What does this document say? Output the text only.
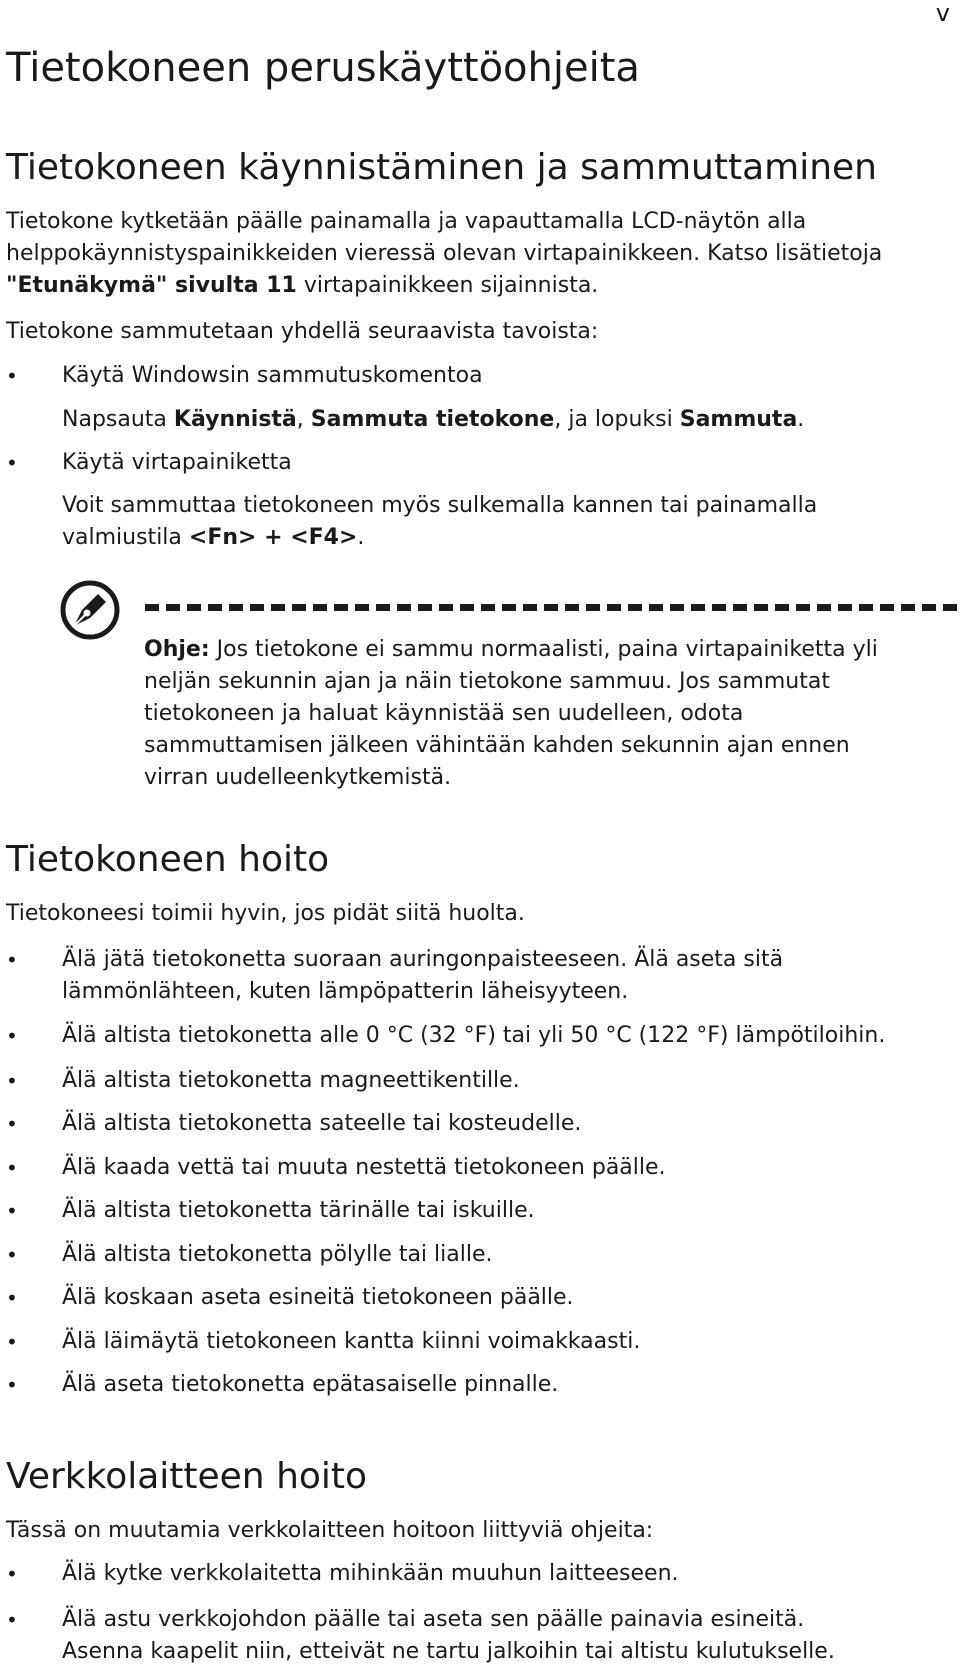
v
Tietokoneen peruskäyttöohjeita
Tietokoneen käynnistäminen ja sammuttaminen

Tietokone kytketään päälle painamalla ja vapauttamalla LCD-näytön alla
helppokäynnistyspainikkeiden vieressä olevan virtapainikkeen. Katso lisätietoja
"Etunäkymä" sivulta 11 virtapainikkeen sijainnista.

Tietokone sammutetaan yhdellä seuraavista tavoista:

• Käytä Windowsin sammutuskomentoa

Napsauta Käynnistä, Sammuta tietokone, ja lopuksi Sammuta.

• Käytä virtapainiketta

Voit sammuttaa tietokoneen myös sulkemalla kannen tai painamalla
valmiustila <Fn> + <F4>.

Ohje: Jos tietokone ei sammu normaalisti, paina virtapainiketta yli
neljän sekunnin ajan ja näin tietokone sammuu. Jos sammutat
tietokoneen ja haluat käynnistää sen uudelleen, odota
sammuttamisen jälkeen vähintään kahden sekunnin ajan ennen
virran uudelleenkytkemistä.

Tietokoneen hoito

Tietokoneesi toimii hyvin, jos pidät siitä huolta.

• Älä jätä tietokonetta suoraan auringonpaisteeseen. Älä aseta sitä
lämmönlähteen, kuten lämpöpatterin läheisyyteen.

• Älä altista tietokonetta alle 0 °C (32 °F) tai yli 50 °C (122 °F) lämpötiloihin.

• Älä altista tietokonetta magneettikentille.

• Älä altista tietokonetta sateelle tai kosteudelle.

• Älä kaada vettä tai muuta nestettä tietokoneen päälle.

• Älä altista tietokonetta tärinälle tai iskuille.

• Älä altista tietokonetta pölylle tai lialle.

• Älä koskaan aseta esineitä tietokoneen päälle.

• Älä läimäytä tietokoneen kantta kiinni voimakkaasti.

• Älä aseta tietokonetta epätasaiselle pinnalle.

Verkkolaitteen hoito

Tässä on muutamia verkkolaitteen hoitoon liittyviä ohjeita:

• Älä kytke verkkolaitetta mihinkään muuhun laitteeseen.

• Älä astu verkkojohdon päälle tai aseta sen päälle painavia esineitä.
Asenna kaapelit niin, etteivät ne tartu jalkoihin tai altistu kulutukselle.
